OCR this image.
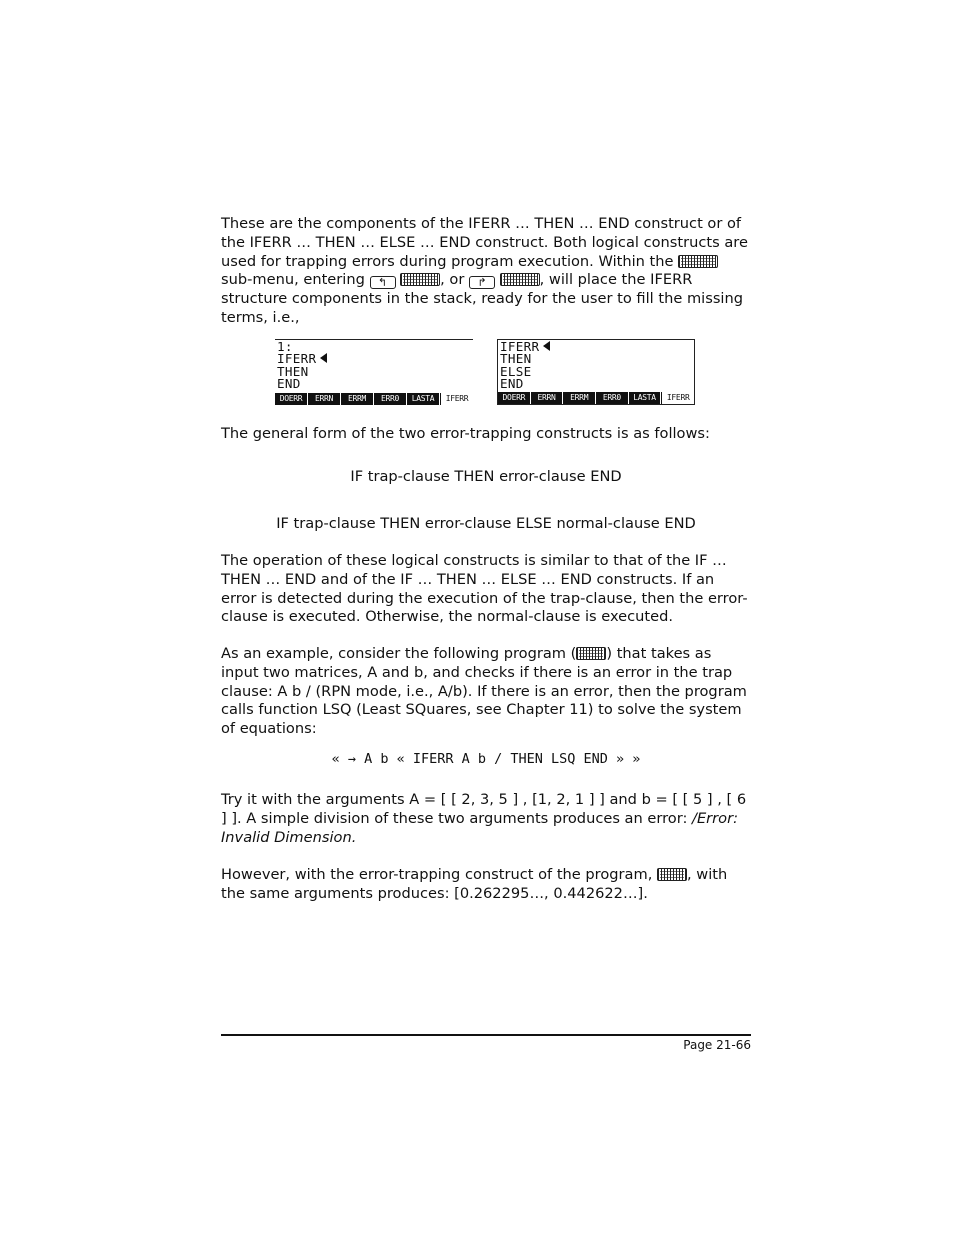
These are the components of the IFERR … THEN … END construct or of the IFERR … THEN … ELSE … END construct. Both logical constructs are used for trapping errors during program execution. Within the
sub-menu, entering ↰	, or ↱	, will place the IFERR structure components in the stack, ready for the user to fill the missing terms, i.e.,
1:
IFERR
THEN
END
DOERR	ERRN	ERRM	ERR0	LASTA	IFERR
IFERR
THEN
ELSE
END
DOERR	ERRN	ERRM	ERR0	LASTA	IFERR
The general form of the two error-trapping constructs is as follows:
IF trap-clause THEN error-clause END
IF trap-clause THEN error-clause ELSE normal-clause END
The operation of these logical constructs is similar to that of the IF … THEN … END and of the IF … THEN … ELSE … END constructs. If an error is detected during the execution of the trap-clause, then the error-clause is executed. Otherwise, the normal-clause is executed.
As an example, consider the following program ( ) that takes as input two matrices, A and b, and checks if there is an error in the trap clause: A b / (RPN mode, i.e., A/b). If there is an error, then the program calls function LSQ (Least SQuares, see Chapter 11) to solve the system of equations:
« → A b « IFERR A b / THEN LSQ END » »
Try it with the arguments A = [ [ 2, 3, 5 ] , [1, 2, 1 ] ] and b = [ [ 5 ] , [ 6 ] ]. A simple division of these two arguments produces an error: /Error: Invalid Dimension.
However, with the error-trapping construct of the program, , with the same arguments produces: [0.262295…, 0.442622…].
Page 21-66
